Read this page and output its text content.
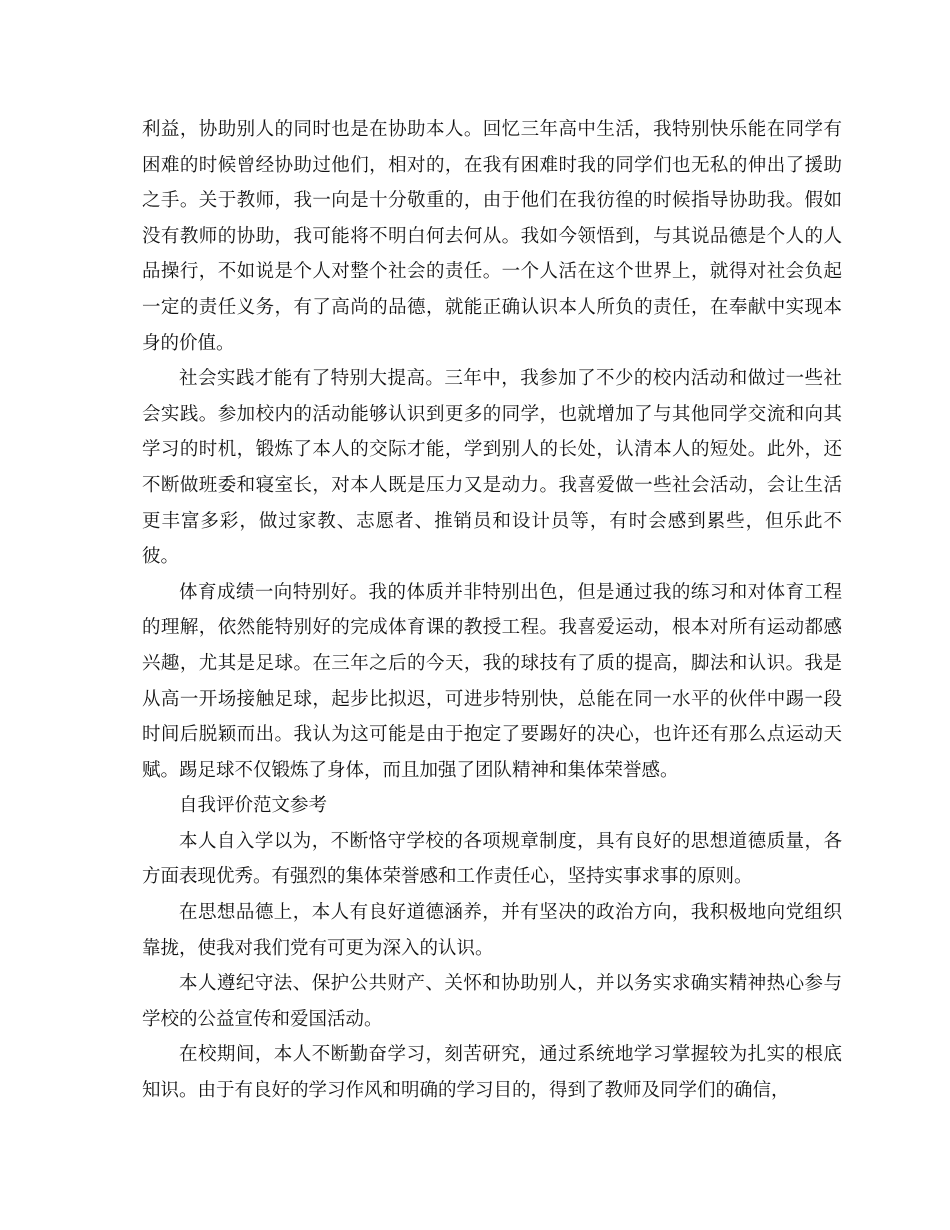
利益，协助别人的同时也是在协助本人。回忆三年高中生活，我特别快乐能在同学有困难的时候曾经协助过他们，相对的，在我有困难时我的同学们也无私的伸出了援助之手。关于教师，我一向是十分敬重的，由于他们在我彷徨的时候指导协助我。假如没有教师的协助，我可能将不明白何去何从。我如今领悟到，与其说品德是个人的人品操行，不如说是个人对整个社会的责任。一个人活在这个世界上，就得对社会负起一定的责任义务，有了高尚的品德，就能正确认识本人所负的责任，在奉献中实现本身的价值。

社会实践才能有了特别大提高。三年中，我参加了不少的校内活动和做过一些社会实践。参加校内的活动能够认识到更多的同学，也就增加了与其他同学交流和向其学习的时机，锻炼了本人的交际才能，学到别人的长处，认清本人的短处。此外，还不断做班委和寝室长，对本人既是压力又是动力。我喜爱做一些社会活动，会让生活更丰富多彩，做过家教、志愿者、推销员和设计员等，有时会感到累些，但乐此不彼。

体育成绩一向特别好。我的体质并非特别出色，但是通过我的练习和对体育工程的理解，依然能特别好的完成体育课的教授工程。我喜爱运动，根本对所有运动都感兴趣，尤其是足球。在三年之后的今天，我的球技有了质的提高，脚法和认识。我是从高一开场接触足球，起步比拟迟，可进步特别快，总能在同一水平的伙伴中踢一段时间后脱颖而出。我认为这可能是由于抱定了要踢好的决心，也许还有那么点运动天赋。踢足球不仅锻炼了身体，而且加强了团队精神和集体荣誉感。

自我评价范文参考

本人自入学以为，不断恪守学校的各项规章制度，具有良好的思想道德质量，各方面表现优秀。有强烈的集体荣誉感和工作责任心，坚持实事求事的原则。

在思想品德上，本人有良好道德涵养，并有坚决的政治方向，我积极地向党组织靠拢，使我对我们党有可更为深入的认识。

本人遵纪守法、保护公共财产、关怀和协助别人，并以务实求确实精神热心参与学校的公益宣传和爱国活动。

在校期间，本人不断勤奋学习，刻苦研究，通过系统地学习掌握较为扎实的根底知识。由于有良好的学习作风和明确的学习目的，得到了教师及同学们的确信，
